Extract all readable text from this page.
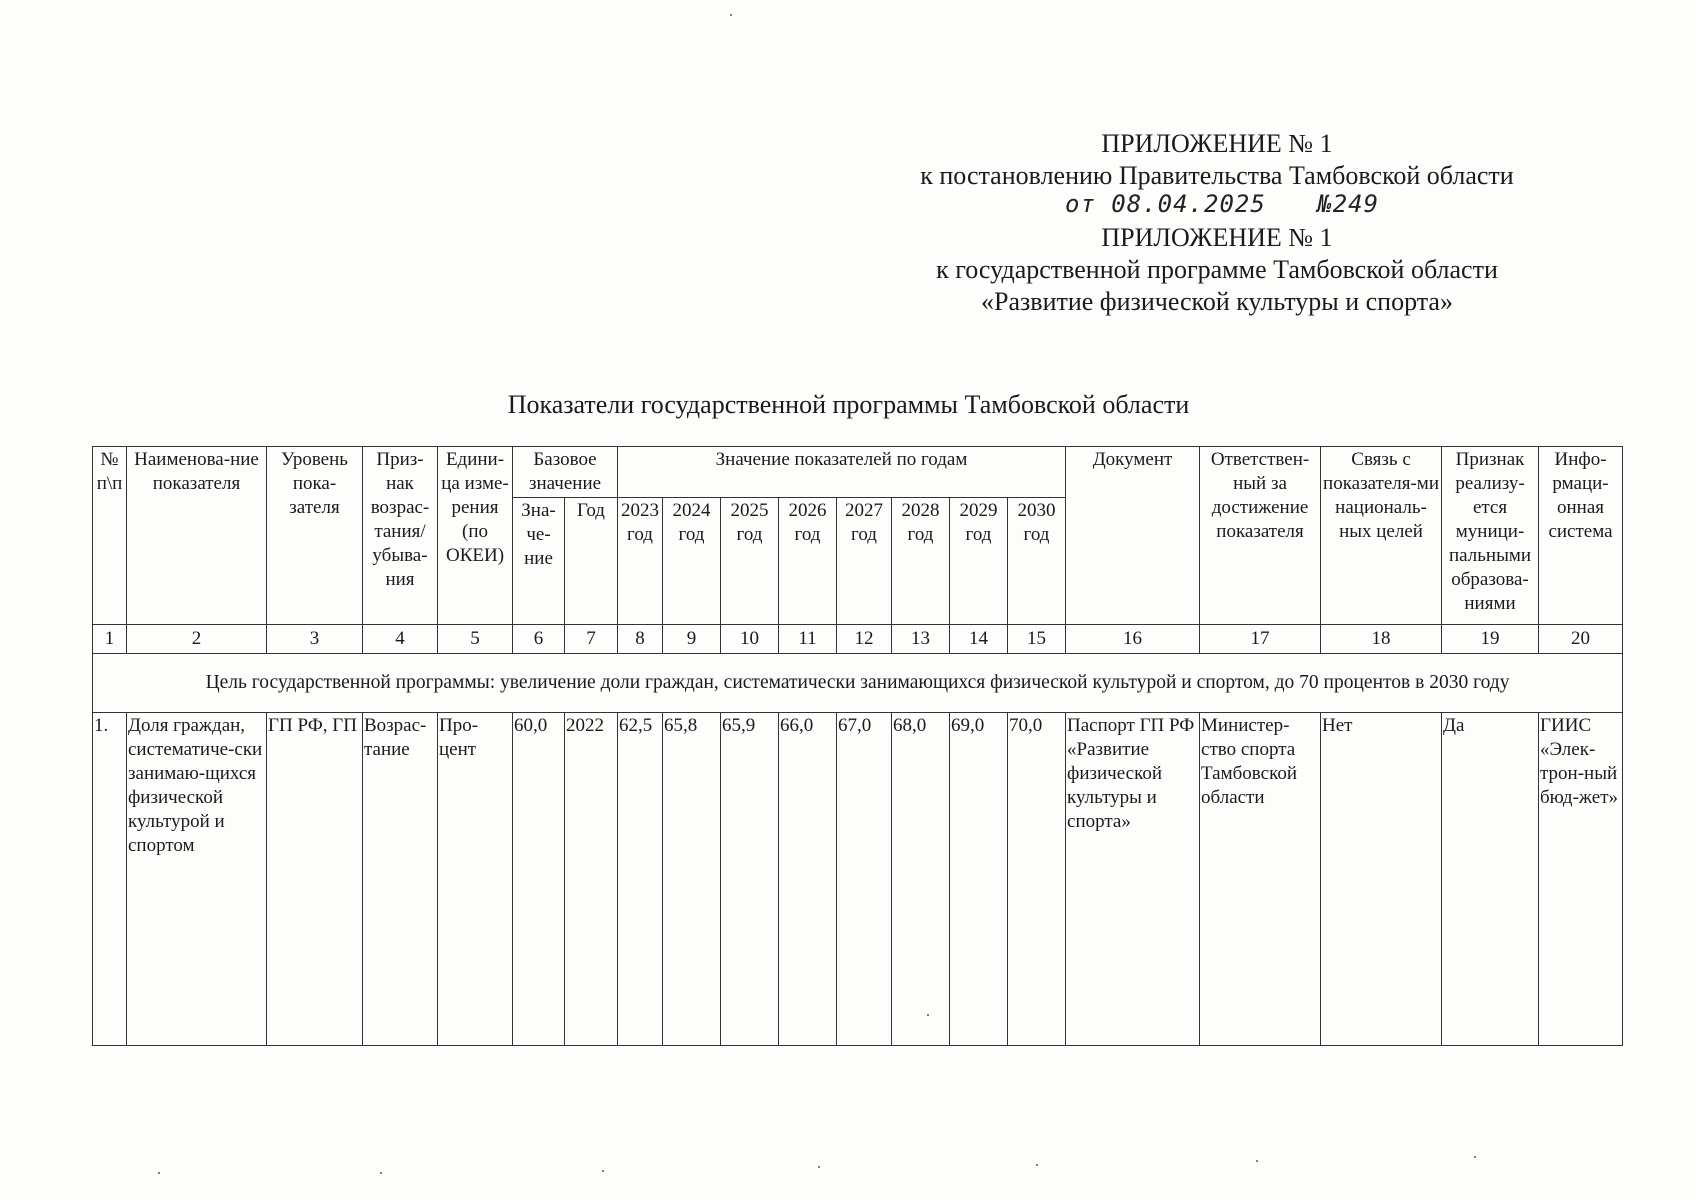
ПРИЛОЖЕНИЕ № 1
к постановлению Правительства Тамбовской области
от 08.04.2025 №249
ПРИЛОЖЕНИЕ № 1
к государственной программе Тамбовской области
«Развитие физической культуры и спорта»
Показатели государственной программы Тамбовской области
№ п\п	Наименова-ние показателя	Уровень пока-зателя	Приз-нак возрас-тания/ убыва-ния	Едини-ца изме-рения (по ОКЕИ)	Базовое значение		Значение показателей по годам								Документ	Ответствен-ный за достижение показателя	Связь с показателя-ми националь-ных целей	Признак реализу-ется муници-пальными образова-ниями	Инфо-рмаци-онная система
					Зна-че-ние	Год	2023 год	2024 год	2025 год	2026 год	2027 год	2028 год	2029 год	2030 год					
1	2	3	4	5	6	7	8	9	10	11	12	13	14	15	16	17	18	19	20
Цель государственной программы: увеличение доли граждан, систематически занимающихся физической культурой и спортом, до 70 процентов в 2030 году																			
1.	Доля граждан, систематиче-ски занимаю-щихся физической культурой и спортом	ГП РФ, ГП	Возрас-тание	Про-цент	60,0	2022	62,5	65,8	65,9	66,0	67,0	68,0	69,0	70,0	Паспорт ГП РФ «Развитие физической культуры и спорта»	Министер-ство спорта Тамбовской области	Нет	Да	ГИИС «Элек-трон-ный бюд-жет»
